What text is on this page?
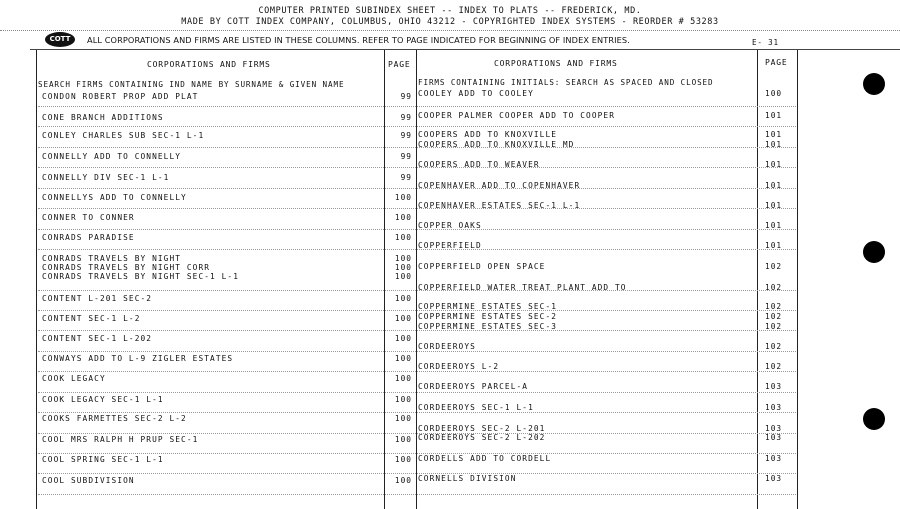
COMPUTER PRINTED SUBINDEX SHEET -- INDEX TO PLATS -- FREDERICK, MD.
MADE BY COTT INDEX COMPANY, COLUMBUS, OHIO 43212 - COPYRIGHTED INDEX SYSTEMS - REORDER # 53283
COTT	ALL CORPORATIONS AND FIRMS ARE LISTED IN THESE COLUMNS. REFER TO PAGE INDICATED FOR BEGINNING OF INDEX ENTRIES.	E- 31
CORPORATIONS AND FIRMS	PAGE	CORPORATIONS AND FIRMS	PAGE
SEARCH FIRMS CONTAINING IND NAME BY SURNAME & GIVEN NAME	FIRMS CONTAINING INITIALS: SEARCH AS SPACED AND CLOSED
CONDON ROBERT PROP ADD PLAT	99
CONE BRANCH ADDITIONS	99
CONLEY CHARLES SUB SEC-1 L-1	99
CONNELLY ADD TO CONNELLY	99
CONNELLY DIV SEC-1 L-1	99
CONNELLYS ADD TO CONNELLY	100
CONNER TO CONNER	100
CONRADS PARADISE	100
CONRADS TRAVELS BY NIGHT	100
CONRADS TRAVELS BY NIGHT CORR	100
CONRADS TRAVELS BY NIGHT SEC-1 L-1	100
CONTENT L-201 SEC-2	100
CONTENT SEC-1 L-2	100
CONTENT SEC-1 L-202	100
CONWAYS ADD TO L-9 ZIGLER ESTATES	100
COOK LEGACY	100
COOK LEGACY SEC-1 L-1	100
COOKS FARMETTES SEC-2 L-2	100
COOL MRS RALPH H PRUP SEC-1	100
COOL SPRING SEC-1 L-1	100
COOL SUBDIVISION	100
COOLEY ADD TO COOLEY	100
COOPER PALMER COOPER ADD TO COOPER	101
COOPERS ADD TO KNOXVILLE	101
COOPERS ADD TO KNOXVILLE MD	101
COOPERS ADD TO WEAVER	101
COPENHAVER ADD TO COPENHAVER	101
COPENHAVER ESTATES SEC-1 L-1	101
COPPER OAKS	101
COPPERFIELD	101
COPPERFIELD OPEN SPACE	102
COPPERFIELD WATER TREAT PLANT ADD TO	102
COPPERMINE ESTATES SEC-1	102
COPPERMINE ESTATES SEC-2	102
COPPERMINE ESTATES SEC-3	102
CORDEEROYS	102
CORDEEROYS L-2	102
CORDEEROYS PARCEL-A	103
CORDEEROYS SEC-1 L-1	103
CORDEEROYS SEC-2 L-201	103
CORDEEROYS SEC-2 L-202	103
CORDELLS ADD TO CORDELL	103
CORNELLS DIVISION	103
